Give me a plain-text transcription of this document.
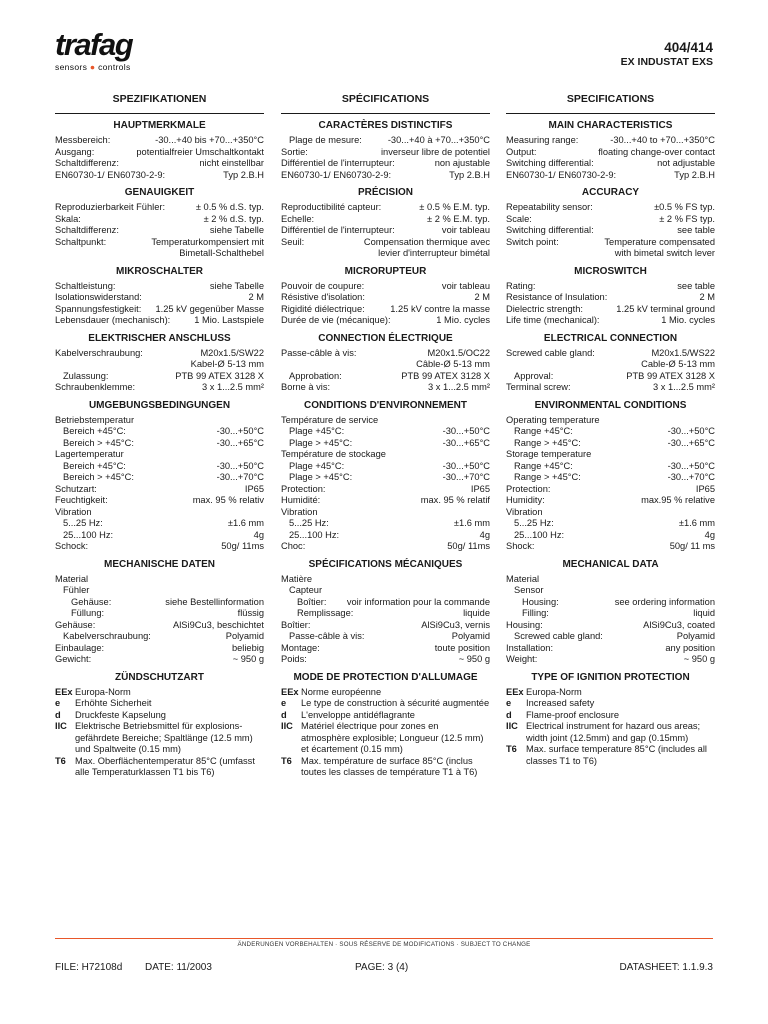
trafag
sensors ● controls
404/414
EX INDUSTAT EXS
SPEZIFIKATIONEN
HAUPTMERKMALE
Messbereich:	-30...+40 bis +70...+350°C
Ausgang:	potentialfreier Umschaltkontakt
Schaltdifferenz:	nicht einstellbar
EN60730-1/ EN60730-2-9:	Typ 2.B.H
GENAUIGKEIT
Reproduzierbarkeit Fühler:	± 0.5 % d.S. typ.
Skala:	± 2 % d.S. typ.
Schaltdifferenz:	siehe Tabelle
Schaltpunkt:	Temperaturkompensiert mit
Bimetall-Schalthebel
MIKROSCHALTER
Schaltleistung:	siehe Tabelle
Isolationswiderstand:	2 M
Spannungsfestigkeit: 1.25 kV gegenüber Masse
Lebensdauer (mechanisch):	1 Mio. Lastspiele
ELEKTRISCHER ANSCHLUSS
Kabelverschraubung:	M20x1.5/SW22
Kabel-Ø 5-13 mm
Zulassung:	PTB 99 ATEX 3128 X
Schraubenklemme:	3 x 1...2.5 mm²
UMGEBUNGSBEDINGUNGEN
Betriebstemperatur
Bereich +45°C:	-30...+50°C
Bereich > +45°C:	-30...+65°C
Lagertemperatur
Bereich +45°C:	-30...+50°C
Bereich > +45°C:	-30...+70°C
Schutzart:	IP65
Feuchtigkeit:	max. 95 % relativ
Vibration
5...25 Hz:	±1.6 mm
25...100 Hz:	4g
Schock:	50g/ 11ms
MECHANISCHE DATEN
Material
Fühler
Gehäuse:	siehe Bestellinformation
Füllung:	flüssig
Gehäuse:	AlSi9Cu3, beschichtet
Kabelverschraubung:	Polyamid
Einbaulage:	beliebig
Gewicht:	~ 950 g
ZÜNDSCHUTZART
EEx Europa-Norm
e	Erhöhte Sicherheit
d	Druckfeste Kapselung
IIC Elektrische Betriebsmittel für explosions-gefährdete Bereiche; Spaltlänge (12.5 mm) und Spaltweite (0.15 mm)
T6 Max. Oberflächentemperatur 85°C (umfasst alle Temperaturklassen T1 bis T6)
SPÉCIFICATIONS
CARACTÈRES DISTINCTIFS
Plage de mesure:	-30...+40 à +70...+350°C
Sortie:	inverseur libre de potentiel
Différentiel de l'interrupteur:	non ajustable
EN60730-1/ EN60730-2-9:	Typ 2.B.H
PRÉCISION
Reproductibilité capteur:	± 0.5 % E.M. typ.
Echelle:	± 2 % E.M. typ.
Différentiel de l'interrupteur:	voir tableau
Seuil:	Compensation thermique avec
levier d'interrupteur bimétal
MICRORUPTEUR
Pouvoir de coupure:	voir tableau
Résistive d'isolation:	2 M
Rigidité diélectrique:	1.25 kV contre la masse
Durée de vie (mécanique):	1 Mio. cycles
CONNECTION ÉLECTRIQUE
Passe-câble à vis:	M20x1.5/OC22
Câble-Ø 5-13 mm
Approbation:	PTB 99 ATEX 3128 X
Borne à vis:	3 x 1...2.5 mm²
CONDITIONS D'ENVIRONNEMENT
Température de service
Plage +45°C:	-30...+50°C
Plage > +45°C:	-30...+65°C
Température de stockage
Plage +45°C:	-30...+50°C
Plage > +45°C:	-30...+70°C
Protection:	IP65
Humidité:	max. 95 % relatif
Vibration
5...25 Hz:	±1.6 mm
25...100 Hz:	4g
Choc:	50g/ 11ms
SPÉCIFICATIONS MÉCANIQUES
Matière
Capteur
Boîtier: voir information pour la commande
Remplissage:	liquide
Boîtier:	AlSi9Cu3, vernis
Passe-câble à vis:	Polyamid
Montage:	toute position
Poids:	~ 950 g
MODE DE PROTECTION D'ALLUMAGE
EEx Norme européenne
e	Le type de construction à sécurité augmentée
d	L'enveloppe antidéflagrante
IIC Matériel électrique pour zones en atmosphère explosible; Longueur (12.5 mm) et écartement (0.15 mm)
T6 Max. température de surface 85°C (inclus toutes les classes de température T1 à T6)
SPECIFICATIONS
MAIN CHARACTERISTICS
Measuring range:	-30...+40 to +70...+350°C
Output:	floating change-over contact
Switching differential:	not adjustable
EN60730-1/ EN60730-2-9:	Typ 2.B.H
ACCURACY
Repeatability sensor:	±0.5 % FS typ.
Scale:	± 2 % FS typ.
Switching differential:	see table
Switch point:	Temperature compensated
with bimetal switch lever
MICROSWITCH
Rating:	see table
Resistance of Insulation:	2 M
Dielectric strength:	1.25 kV terminal ground
Life time (mechanical):	1 Mio. cycles
ELECTRICAL CONNECTION
Screwed cable gland:	M20x1.5/WS22
Cable-Ø 5-13 mm
Approval:	PTB 99 ATEX 3128 X
Terminal screw:	3 x 1...2.5 mm²
ENVIRONMENTAL CONDITIONS
Operating temperature
Range +45°C:	-30...+50°C
Range > +45°C:	-30...+65°C
Storage temperature
Range +45°C:	-30...+50°C
Range > +45°C:	-30...+70°C
Protection:	IP65
Humidity:	max.95 % relative
Vibration
5...25 Hz:	±1.6 mm
25...100 Hz:	4g
Shock:	50g/ 11 ms
MECHANICAL DATA
Material
Sensor
Housing:	see ordering information
Filling:	liquid
Housing:	AlSi9Cu3, coated
Screwed cable gland:	Polyamid
Installation:	any position
Weight:	~ 950 g
TYPE OF IGNITION PROTECTION
EEx Europa-Norm
e	Increased safety
d	Flame-proof enclosure
IIC Electrical instrument for hazard ous areas; width joint (12.5mm) and gap (0.15mm)
T6 Max. surface temperature 85°C (includes all classes T1 to T6)
ÄNDERUNGEN VORBEHALTEN · SOUS RÉSERVE DE MODIFICATIONS · SUBJECT TO CHANGE
FILE: H72108d DATE: 11/2003	PAGE: 3 (4)	DATASHEET: 1.1.9.3
